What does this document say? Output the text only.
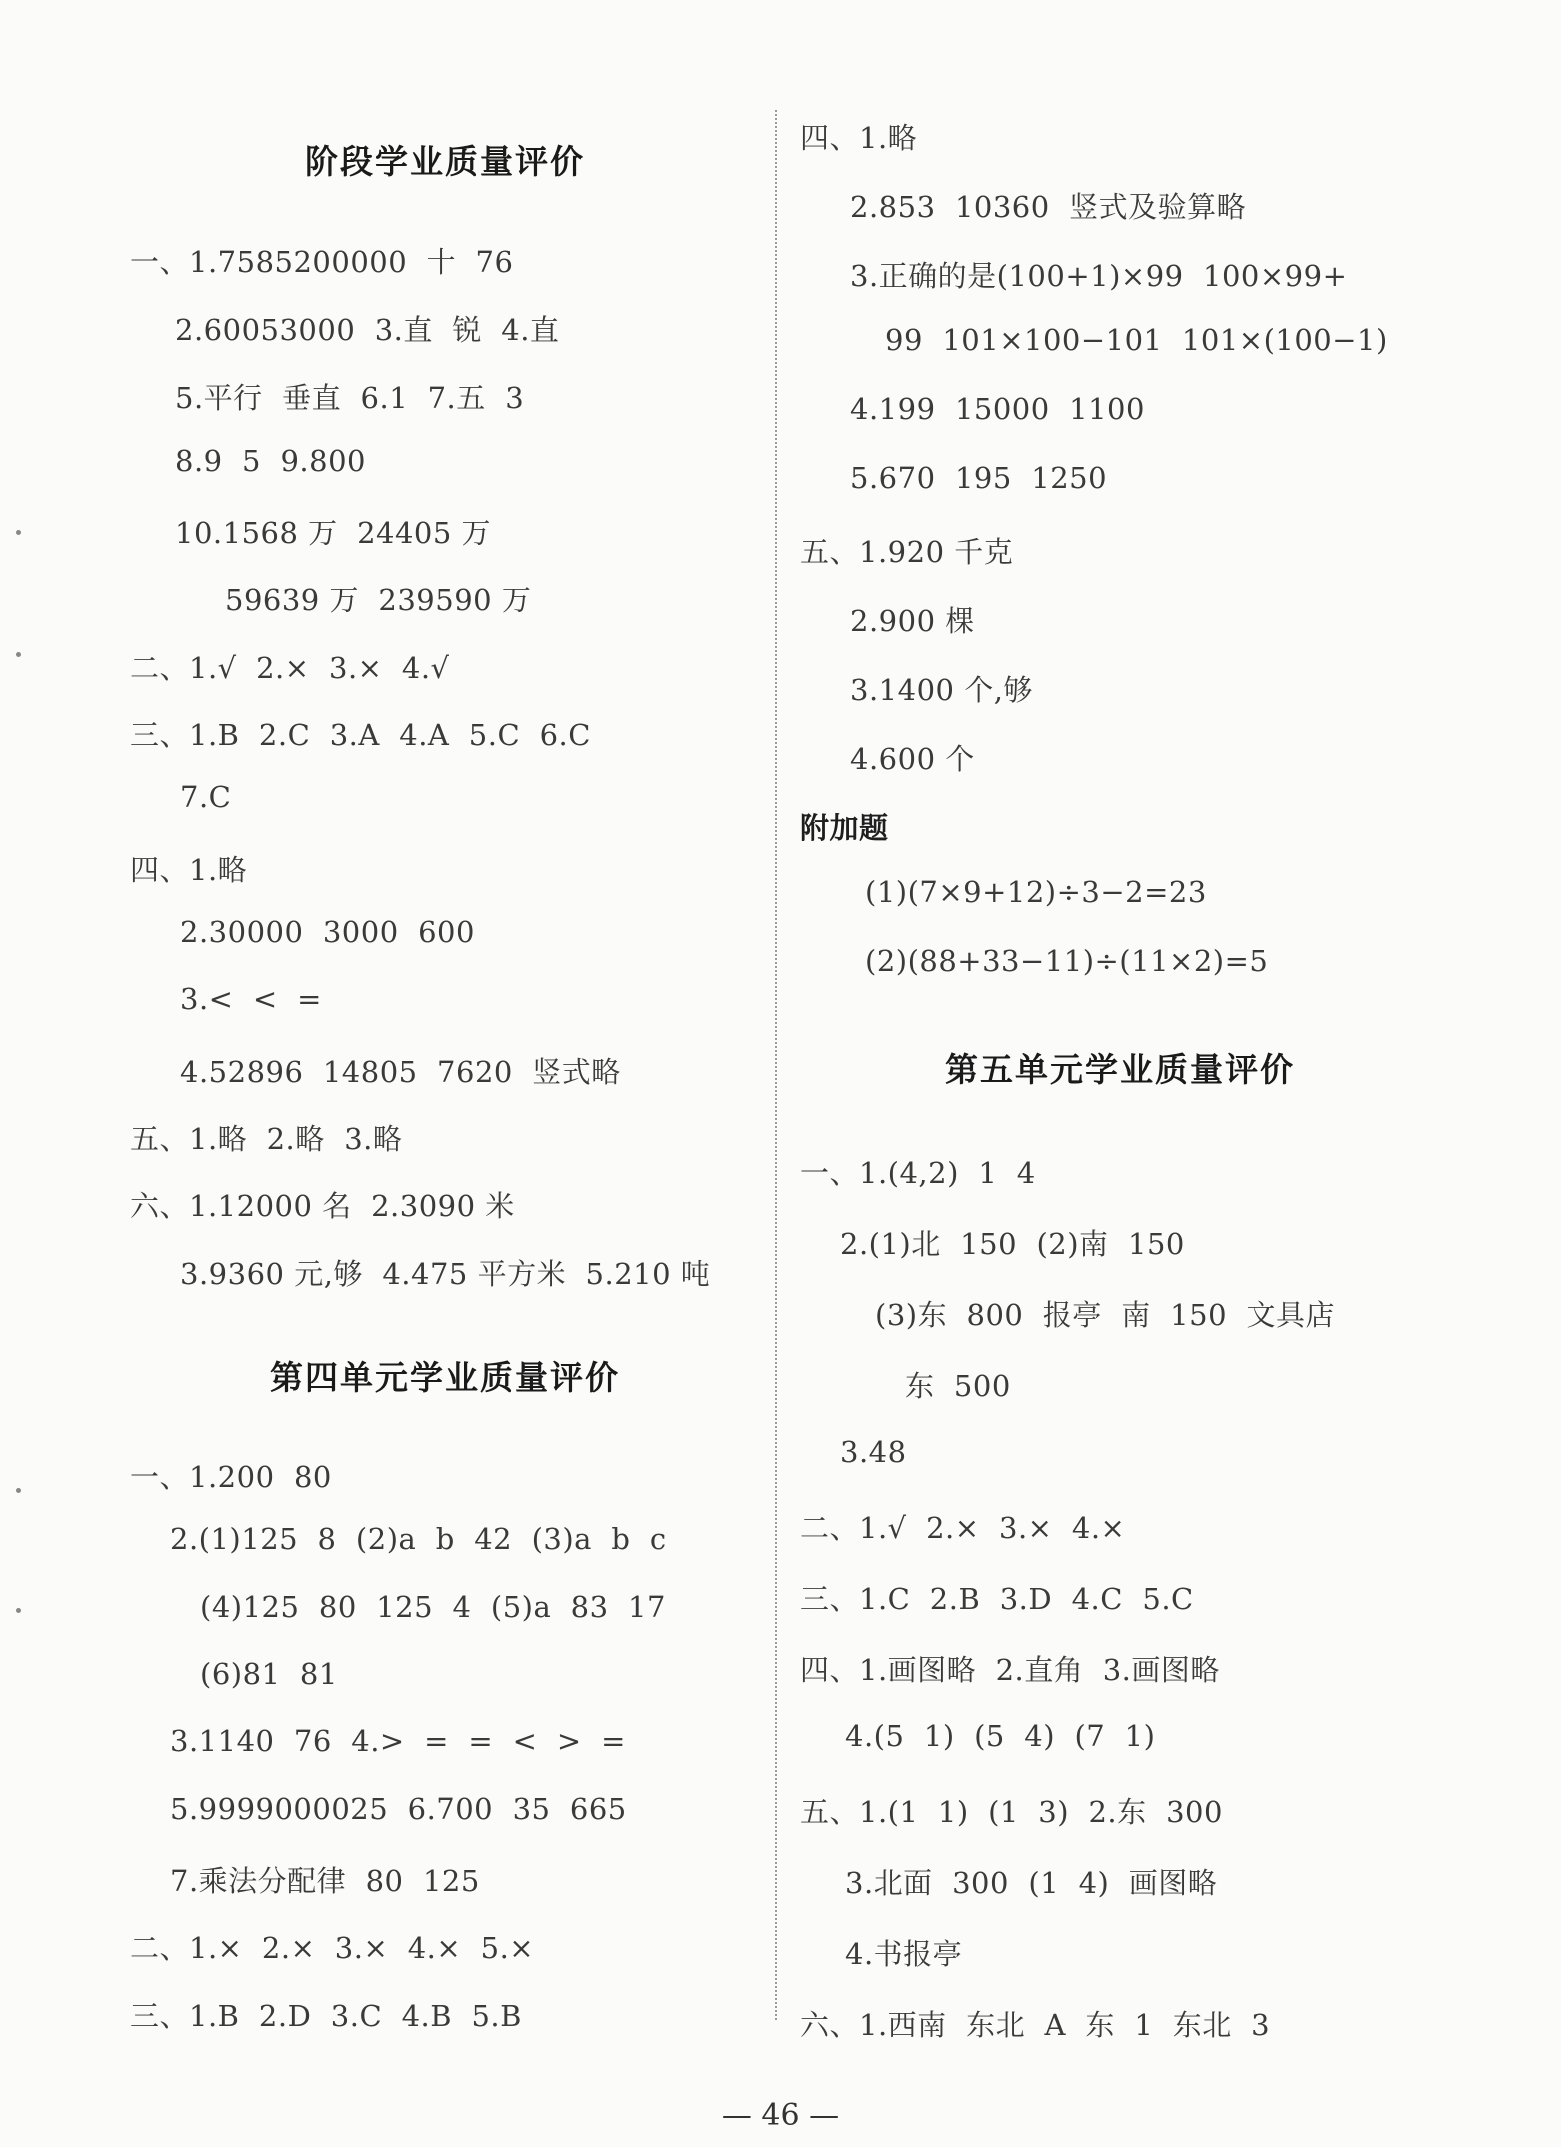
阶段学业质量评价
一、1.7585200000  十  76
2.60053000  3.直  锐  4.直
5.平行  垂直  6.1  7.五  3
8.9  5  9.800
10.1568 万  24405 万
59639 万  239590 万
二、1.√  2.×  3.×  4.√
三、1.B  2.C  3.A  4.A  5.C  6.C
7.C
四、1.略
2.30000  3000  600
3.<  <  =
4.52896  14805  7620  竖式略
五、1.略  2.略  3.略
六、1.12000 名  2.3090 米
3.9360 元,够  4.475 平方米  5.210 吨
第四单元学业质量评价
一、1.200  80
2.(1)125  8  (2)a  b  42  (3)a  b  c
(4)125  80  125  4  (5)a  83  17
(6)81  81
3.1140  76  4.>  =  =  <  >  =
5.9999000025  6.700  35  665
7.乘法分配律  80  125
二、1.×  2.×  3.×  4.×  5.×
三、1.B  2.D  3.C  4.B  5.B
四、1.略
2.853  10360  竖式及验算略
3.正确的是(100+1)×99  100×99+
99  101×100−101  101×(100−1)
4.199  15000  1100
5.670  195  1250
五、1.920 千克
2.900 棵
3.1400 个,够
4.600 个
附加题
(1)(7×9+12)÷3−2=23
(2)(88+33−11)÷(11×2)=5
第五单元学业质量评价
一、1.(4,2)  1  4
2.(1)北  150  (2)南  150
(3)东  800  报亭  南  150  文具店
东  500
3.48
二、1.√  2.×  3.×  4.×
三、1.C  2.B  3.D  4.C  5.C
四、1.画图略  2.直角  3.画图略
4.(5  1)  (5  4)  (7  1)
五、1.(1  1)  (1  3)  2.东  300
3.北面  300  (1  4)  画图略
4.书报亭
六、1.西南  东北  A  东  1  东北  3
— 46 —
